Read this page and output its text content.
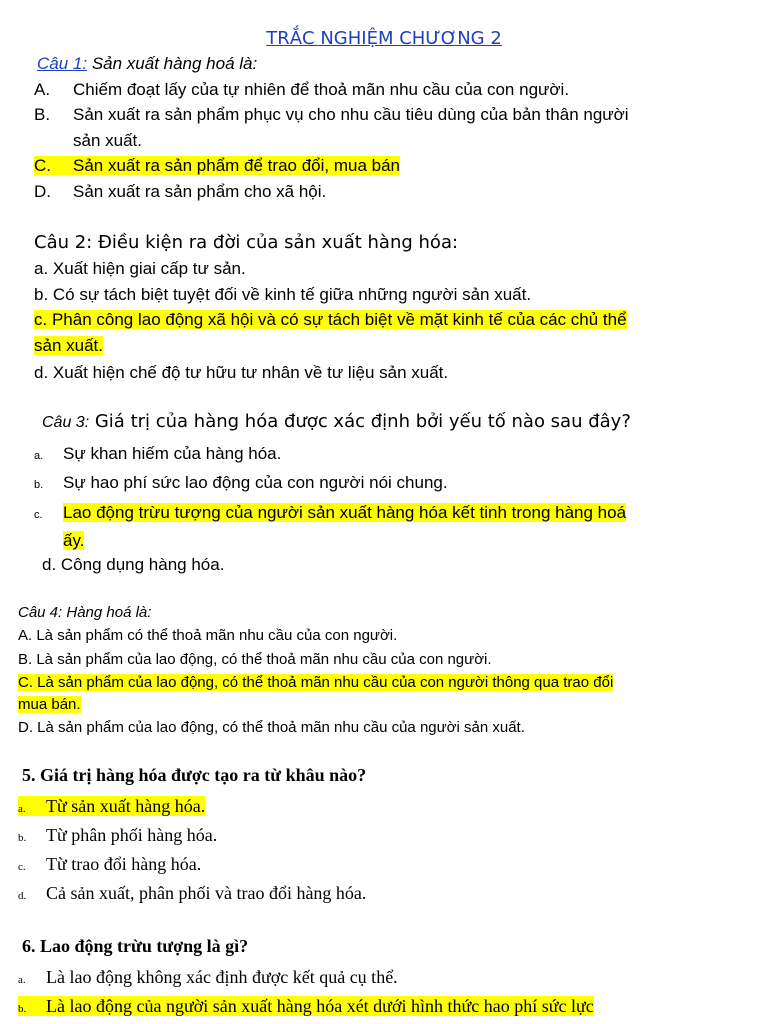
TRẮC NGHIỆM CHƯƠNG 2

Câu 1: Sản xuất hàng hoá là:

A. Chiếm đoạt lấy của tự nhiên để thoả mãn nhu cầu của con người.

B. Sản xuất ra sản phẩm phục vụ cho nhu cầu tiêu dùng của bản thân người

sản xuất.

C. Sản xuất ra sản phẩm để trao đổi, mua bán

D. Sản xuất ra sản phẩm cho xã hội.

Câu 2: Điều kiện ra đời của sản xuất hàng hóa:

a. Xuất hiện giai cấp tư sản.

b. Có sự tách biệt tuyệt đối về kinh tế giữa những người sản xuất.

c. Phân công lao động xã hội và có sự tách biệt về mặt kinh tế của các chủ thể

sản xuất.

d. Xuất hiện chế độ tư hữu tư nhân về tư liệu sản xuất.

Câu 3: Giá trị của hàng hóa được xác định bởi yếu tố nào sau đây?

a. Sự khan hiếm của hàng hóa.

b. Sự hao phí sức lao động của con người nói chung.

c. Lao động trừu tượng của người sản xuất hàng hóa kết tinh trong hàng hoá

ấy.

d. Công dụng hàng hóa.

Câu 4: Hàng hoá là:

A. Là sản phẩm có thể thoả mãn nhu cầu của con người.

B. Là sản phẩm của lao động, có thể thoả mãn nhu cầu của con người.

C. Là sản phẩm của lao động, có thể thoả mãn nhu cầu của con người thông qua trao đổi

mua bán.

D. Là sản phẩm của lao động, có thể thoả mãn nhu cầu của người sản xuất.

5. Giá trị hàng hóa được tạo ra từ khâu nào?

a. Từ sản xuất hàng hóa.

b. Từ phân phối hàng hóa.

c. Từ trao đổi hàng hóa.

d. Cả sản xuất, phân phối và trao đổi hàng hóa.

6. Lao động trừu tượng là gì?

a. Là lao động không xác định được kết quả cụ thể.

b. Là lao động của người sản xuất hàng hóa xét dưới hình thức hao phí sức lực
